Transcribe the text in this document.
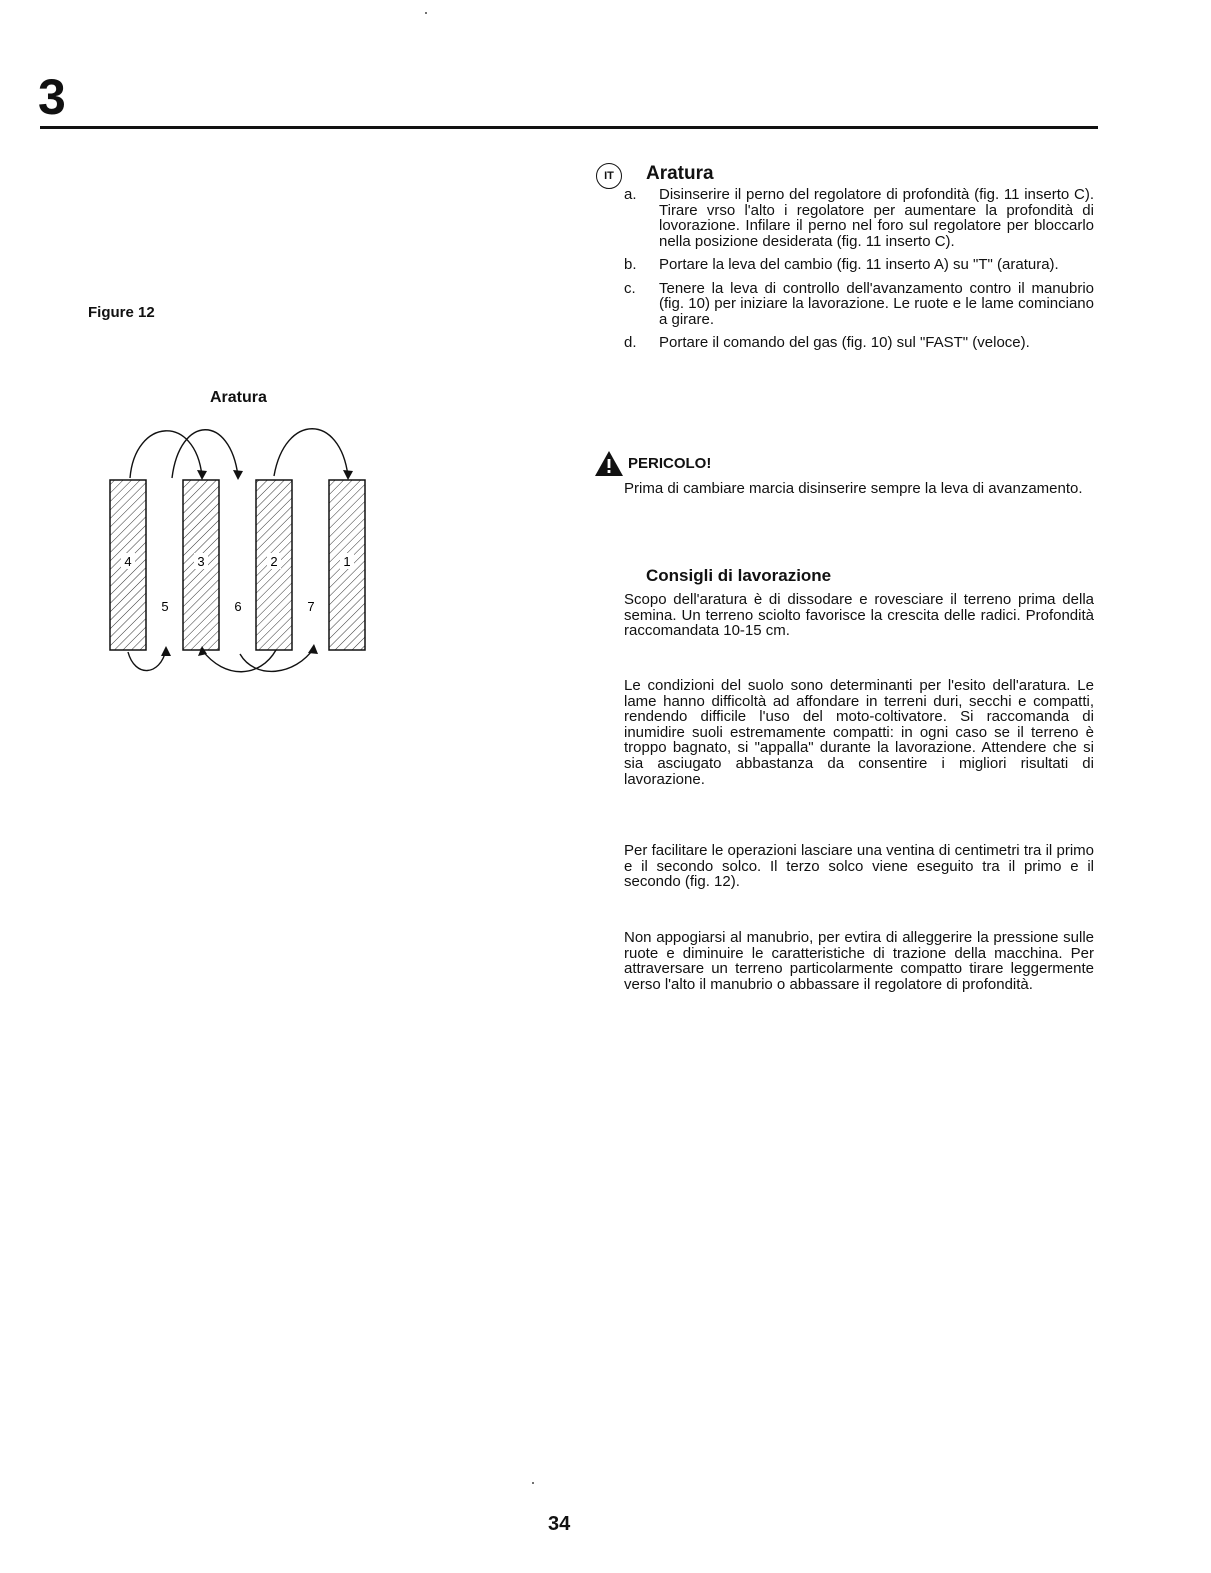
3
Figure 12
Aratura
4	3	2	1
5	6	7
IT	Aratura
a.	Disinserire il perno del regolatore di profondità (fig. 11 inserto C). Tirare vrso l'alto i regolatore per aumentare la profondità di lovorazione. Infilare il perno nel foro sul regolatore per bloccarlo nella posizione desiderata (fig. 11 inserto C).
b.	Portare la leva del cambio (fig. 11 inserto A) su "T" (aratura).
c.	Tenere la leva di controllo dell'avanzamento contro il manubrio (fig. 10) per iniziare la lavorazione. Le ruote e le lame cominciano a girare.
d.	Portare il comando del gas (fig. 10) sul "FAST" (veloce).
PERICOLO!
Prima di cambiare marcia disinserire sempre la leva di avanzamento.
Consigli di lavorazione

Scopo dell'aratura è di dissodare e rovesciare il terreno prima della semina. Un terreno sciolto favorisce la crescita delle radici. Profondità raccomandata 10-15 cm.

Le condizioni del suolo sono determinanti per l'esito dell'aratura. Le lame hanno difficoltà ad affondare in terreni duri, secchi e compatti, rendendo difficile l'uso del moto-coltivatore. Si raccomanda di inumidire suoli estremamente compatti: in ogni caso se il terreno è troppo bagnato, si "appalla" durante la lavorazione. Attendere che si sia asciugato abbastanza da consentire i migliori risultati di lavorazione.

Per facilitare le operazioni lasciare una ventina di centimetri tra il primo e il secondo solco. Il terzo solco viene eseguito tra il primo e il secondo (fig. 12).

Non appogiarsi al manubrio, per evtira di alleggerire la pressione sulle ruote e diminuire le caratteristiche di trazione della macchina. Per attraversare un terreno particolarmente compatto tirare leggermente verso l'alto il manubrio o abbassare il regolatore di profondità.

34
